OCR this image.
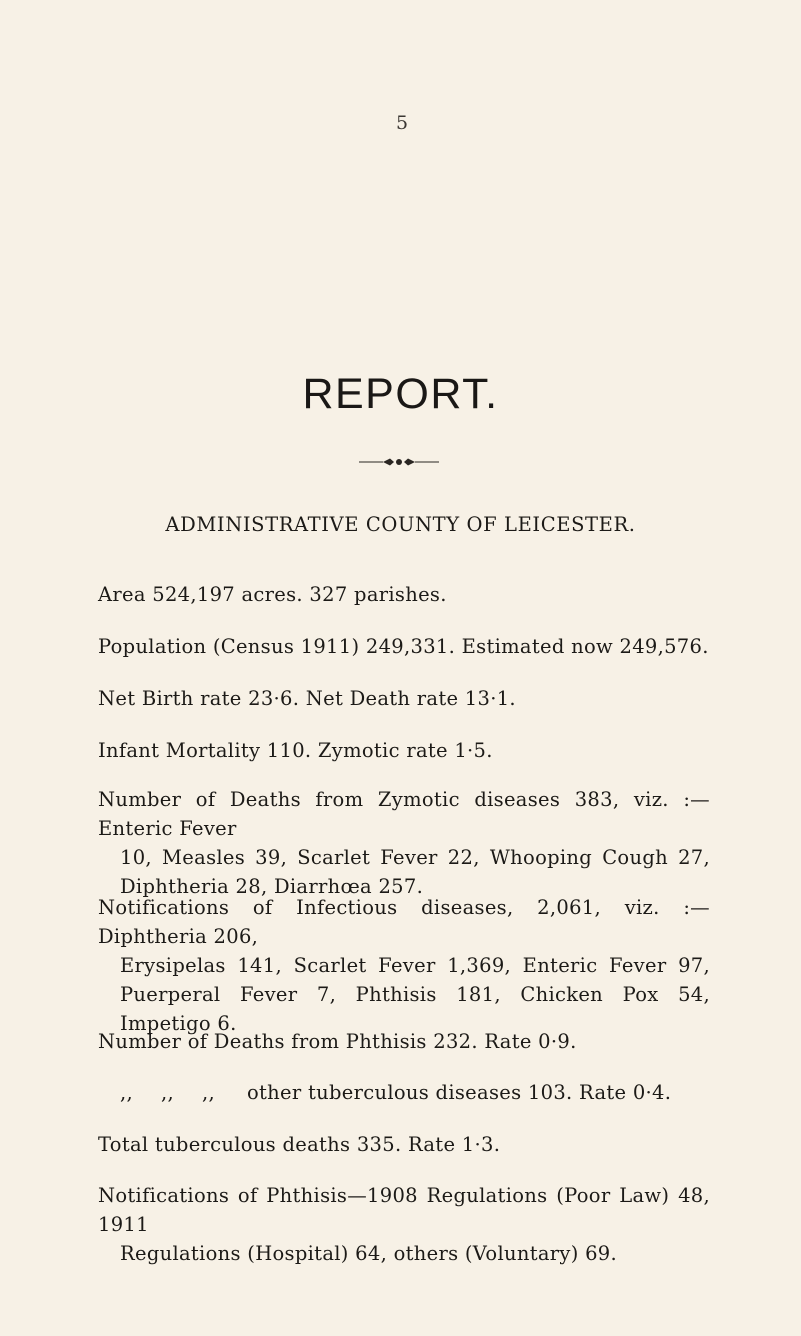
5
REPORT.
ADMINISTRATIVE COUNTY OF LEICESTER.
Area 524,197 acres. 327 parishes.
Population (Census 1911) 249,331. Estimated now 249,576.
Net Birth rate 23·6. Net Death rate 13·1.
Infant Mortality 110. Zymotic rate 1·5.
Number of Deaths from Zymotic diseases 383, viz. :—Enteric Fever
10, Measles 39, Scarlet Fever 22, Whooping Cough 27, Diphtheria 28, Diarrhœa 257.
Notifications of Infectious diseases, 2,061, viz. :—Diphtheria 206,
Erysipelas 141, Scarlet Fever 1,369, Enteric Fever 97, Puerperal Fever 7, Phthisis 181, Chicken Pox 54, Impetigo 6.
Number of Deaths from Phthisis 232. Rate 0·9.
,,	,,	,,	other tuberculous diseases 103. Rate 0·4.
Total tuberculous deaths 335. Rate 1·3.
Notifications of Phthisis—1908 Regulations (Poor Law) 48, 1911
Regulations (Hospital) 64, others (Voluntary) 69.
